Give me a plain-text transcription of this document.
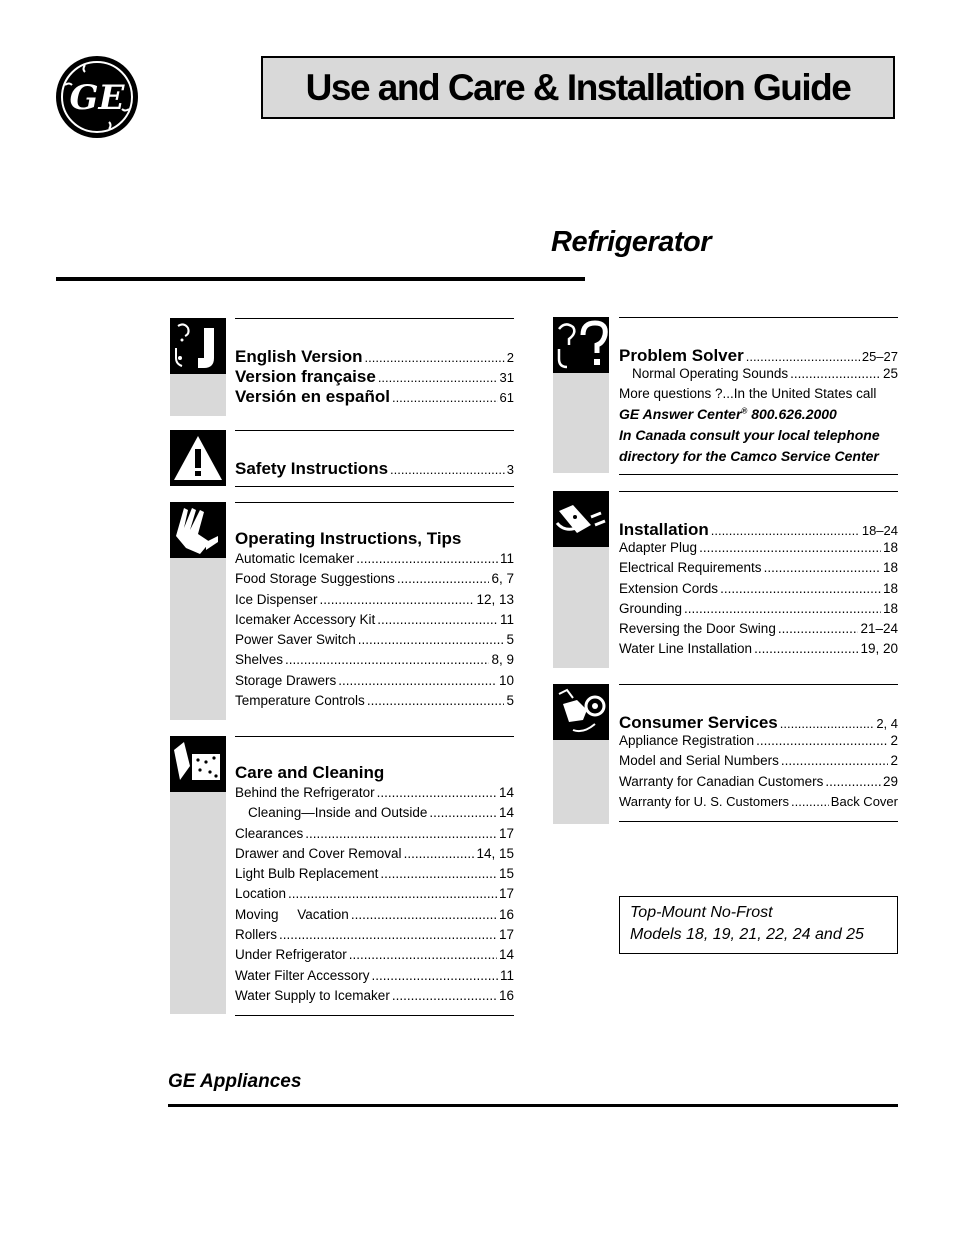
GE	Use and Care & Installation Guide
Refrigerator
English Version .....	2
Version française .....	31
Versión en español .....	61
Safety Instructions .....	3
Operating Instructions, Tips
Automatic Icemaker .....	11
Food Storage Suggestions .....	6, 7
Ice Dispenser .....	12, 13
Icemaker Accessory Kit .....	11
Power Saver Switch .....	5
Shelves .....	8, 9
Storage Drawers .....	10
Temperature Controls .....	5
Care and Cleaning
Behind the Refrigerator .....	14
Cleaning—Inside and Outside .....	14
Clearances .....	17
Drawer and Cover Removal .....	14, 15
Light Bulb Replacement .....	15
Location .....	17
Moving     Vacation .....	16
Rollers .....	17
Under Refrigerator .....	14
Water Filter Accessory .....	11
Water Supply to Icemaker .....	16
Problem Solver .....	25–27
Normal Operating Sounds .....	25
More questions ?...In the United States call
GE Answer Center® 800.626.2000
In Canada consult your local telephone
directory for the Camco Service Center
Installation .....	18–24
Adapter Plug .....	18
Electrical Requirements .....	18
Extension Cords .....	18
Grounding .....	18
Reversing the Door Swing .....	21–24
Water Line Installation .....	19, 20
Consumer Services .....	2, 4
Appliance Registration .....	2
Model and Serial Numbers .....	2
Warranty for Canadian Customers .....	29
Warranty for U. S. Customers .....	Back Cover
Top-Mount No-Frost
Models 18, 19, 21, 22, 24 and 25
GE Appliances
